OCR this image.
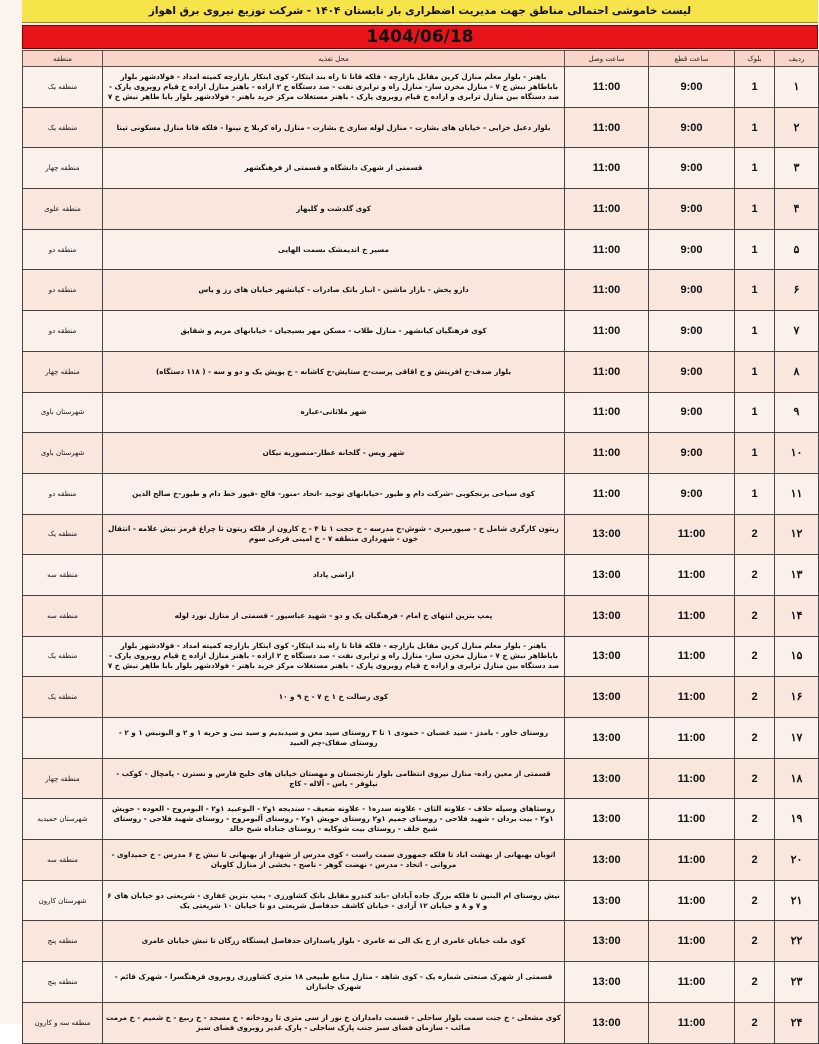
لیست خاموشی احتمالی مناطق جهت مدیریت اضطراری بار تابستان ۱۴۰۴ - شرکت توزیع نیروی برق اهواز
1404/06/18
ردیف	بلوک	ساعت قطع	ساعت وصل	محل تغذیه	منطقه
۱	1	9:00	11:00	باهنر - بلوار معلم منازل کرین مقابل بازارچه - فلکه قانا تا راه بند ابتکار- کوی ابتکار بازارچه کمیته امداد - فولادشهر بلوار باباطاهر نبش خ ۷ - منازل مخزن ساز- منازل راه و ترابری نفت - صد دستگاه خ ۲ ازاده - باهنر منازل ازاده خ قیام روبروی پارک - صد دستگاه بین منازل ترابری و ازاده خ قیام روبروی پارک - باهنر مستغلات مرکز خرید باهنر - فولادشهر بلوار بابا طاهر نبش خ ۷	منطقه یک
۲	1	9:00	11:00	بلوار دعبل خزایی - خیابان های بشارت - منازل لوله سازی خ بشارت - منازل راه کربلا خ نینوا - فلکه قانا منازل مسکونی تینا	منطقه یک
۳	1	9:00	11:00	قسمتی از شهرک دانشگاه و قسمتی از فرهنگشهر	منطقه چهار
۴	1	9:00	11:00	کوی گلدشت و گلبهار	منطقه علوی
۵	1	9:00	11:00	مسیر خ اندیمشک بسمت الهایی	منطقه دو
۶	1	9:00	11:00	دارو پخش - بازار ماشین - انبار بانک صادرات - کیانشهر خیابان های رز و یاس	منطقه دو
۷	1	9:00	11:00	کوی فرهنگیان کیانشهر - منازل طلاب - مسکن مهر بسیجیان - خیابانهای مریم و شقایق	منطقه دو
۸	1	9:00	11:00	بلوار صدف-خ افرینش و خ اقاقی پرست-خ ستایش-خ کاشانه - خ پویش یک و دو و سه - ( ۱۱۸ دستگاه)	منطقه چهار
۹	1	9:00	11:00	شهر ملاثانی-عباره	شهرستان باوی
۱۰	1	9:00	11:00	شهر ویس - گلخانه عطار-منصوریه نیکان	شهرستان باوی
۱۱	1	9:00	11:00	کوی سیاحی برنجکوبی -شرکت دام و طیور -خیابانهای توحید -اتحاد -منور- فالح -فیوز خط دام و طیور-خ صالح الدین	منطقه دو
۱۲	2	11:00	13:00	زیتون کارگری شامل خ - صیورمیری - شوش-خ مدرسه - خ حجت ۱ تا ۴ - خ کارون از فلکه زیتون تا چراغ قرمز نبش علامه - انتقال خون - شهرداری منطقه ۷ - خ امینی فرعی سوم	منطقه یک
۱۳	2	11:00	13:00	اراضی پاداد	منطقه سه
۱۴	2	11:00	13:00	پمپ بنزین انتهای خ امام - فرهنگیان یک و دو - شهید عباسپور - قسمتی از منازل نورد لوله	منطقه سه
۱۵	2	11:00	13:00	باهنر - بلوار معلم منازل کرین مقابل بازارچه - فلکه قانا تا راه بند ابتکار- کوی ابتکار بازارچه کمیته امداد - فولادشهر بلوار باباطاهر نبش خ ۷ - منازل مخزن ساز- منازل راه و ترابری نفت - صد دستگاه خ ۲ ازاده - باهنر منازل ازاده خ قیام روبروی پارک - صد دستگاه بین منازل ترابری و ازاده خ قیام روبروی پارک - باهنر مستغلات مرکز خرید باهنر - فولادشهر بلوار بابا طاهر نبش خ ۷	منطقه یک
۱۶	2	11:00	13:00	کوی رسالت خ ۱ خ ۷ - خ ۹ و ۱۰	منطقه یک
۱۷	2	11:00	13:00	روستای خاور - بامدژ - سید غضبان - حمودی ۱ تا ۳ روستای سید معن و سیدبدیم و سید نبی و حریه ۱ و ۲ و البونیس ۱ و ۲ - روستای صفاک-چم العبید	
۱۸	2	11:00	13:00	قسمتی از معین زاده- منازل نیروی انتظامی بلوار نارنجستان و مهستان خیابان های خلیج فارس و نسترن - پامچال - کوکب - نیلوفر - یاس - آلاله - کاج	منطقه چهار
۱۹	2	11:00	13:00	روستاهای وسیله خلاف - علاونه الثای - علاونه سدره۱ - علاونه ضعیف - سندیجه ۱و۲ - البوعبید ۱و۲ - البومروح - العوده - حویش ۱و۲ - بیت بردان - شهید فلاحی - روستای جمیم ۱و۲ روستای حویش ۱و۲ - روستای آلبومروح - روستای شهید فلاحی - روستای شیخ خلف - روستای بیت شوکایه - روستای جناداه شیخ خالد	شهرستان حمیدیه
۲۰	2	11:00	13:00	اتوبان بهبهانی از بهشت اباد تا فلکه جمهوری سمت راست - کوی مدرس از شهدار از بهبهانی تا نبش خ ۶ مدرس - خ حمیداوی - مروانی - اتحاد - مدرس - نهضت گوهر - ناصح - بخشی از منازل کاویان	منطقه سه
۲۱	2	11:00	13:00	نیش روستای ام البنین تا فلکه بزرگ جاده آبادان -باند کندرو مقابل بانک کشاورزی - پمپ بنزین غفاری - شریعتی دو خیابان های ۶ و ۷ و ۸ و خیابان ۱۲ آزادی - خیابان کاشف حدفاصل شریعتی دو تا خیابان ۱۰ شریعتی یک	شهرستان کارون
۲۲	2	11:00	13:00	کوی ملت خیابان عامری از خ یک الی نه عامری - بلوار پاسداران حدفاصل ایستگاه زرگان تا نبش خیابان عامری	منطقه پنج
۲۳	2	11:00	13:00	قسمتی از شهرک صنعتی شماره یک - کوی شاهد - منازل منابع طبیعی ۱۸ متری کشاورزی روبروی فرهنگسرا - شهرک قائم - شهرک جانبازان	منطقه پنج
۲۴	2	11:00	13:00	کوی مشعلی - خ جنت سمت بلوار ساحلی - قسمت دامداران خ نور از سی متری تا رودخانه - خ مسجد - خ ربیع - خ شمیم - خ مرمت صائب - سازمان فضای سبز جنب پارک ساحلی - پارک غدیر روبروی فضای سبز	منطقه سه و کارون
